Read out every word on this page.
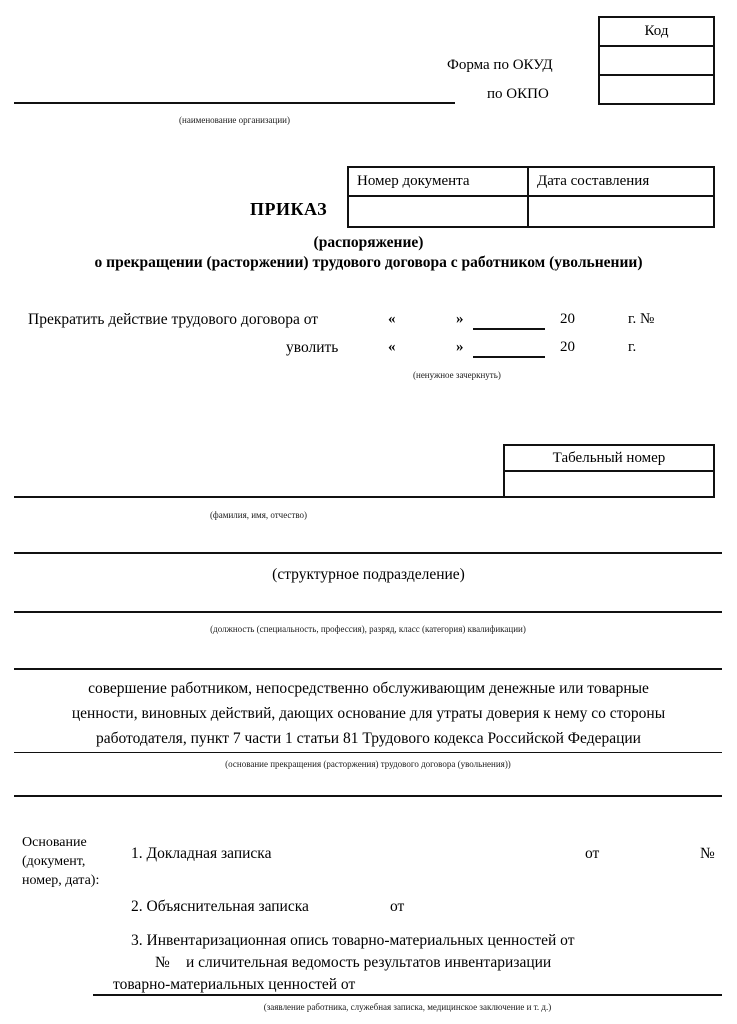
Код
Форма по ОКУД
по ОКПО
(наименование организации)
Номер документа	Дата составления
ПРИКАЗ
(распоряжение)
о прекращении (расторжении) трудового договора с работником (увольнении)
Прекратить действие трудового договора от	«	»	20	г. №
уволить	«	»	20	г.
(ненужное зачеркнуть)
Табельный номер
(фамилия, имя, отчество)
(структурное подразделение)
(должность (специальность, профессия), разряд, класс (категория) квалификации)
совершение работником, непосредственно обслуживающим денежные или товарные
ценности, виновных действий, дающих основание для утраты доверия к нему со стороны
работодателя, пункт 7 части 1 статьи 81 Трудового кодекса Российской Федерации
(основание прекращения (расторжения) трудового договора (увольнения))
Основание
(документ,
номер, дата):
1. Докладная записка	от	№
2. Объяснительная записка	от
3. Инвентаризационная опись товарно-материальных ценностей от
№ и сличительная ведомость результатов инвентаризации
товарно-материальных ценностей от
(заявление работника, служебная записка, медицинское заключение и т. д.)
